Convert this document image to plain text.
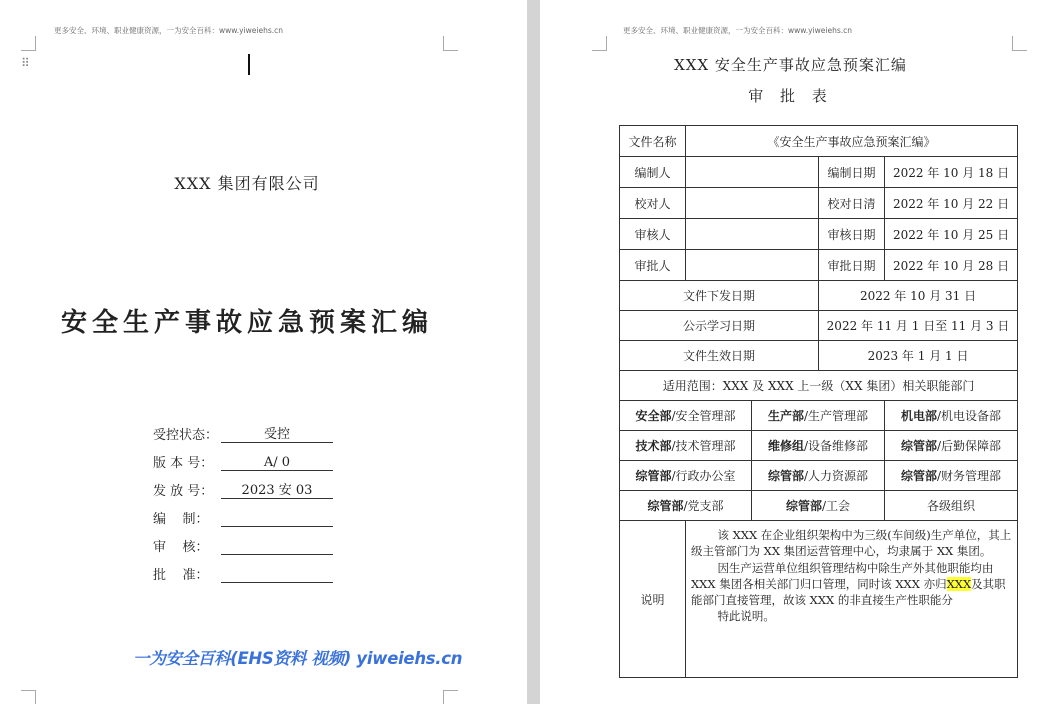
更多安全、环境、职业健康资源，一为安全百科：www.yiweiehs.cn
⠿
XXX 集团有限公司
安全生产事故应急预案汇编
受控状态：	受控
版 本 号：	A/ 0
发 放 号：	2023 安 03
编    制：
审    核：
批    准：
更多安全、环境、职业健康资源，一为安全百科：www.yiweiehs.cn
XXX 安全生产事故应急预案汇编
审 批 表
文件名称	《安全生产事故应急预案汇编》			
编制人			编制日期	2022 年 10 月 18 日
校对人			校对日清	2022 年 10 月 22 日
审核人			审核日期	2022 年 10 月 25 日
审批人			审批日期	2022 年 10 月 28 日
文件下发日期			2022 年 10 月 31 日	
公示学习日期			2022 年 11 月 1 日至 11 月 3 日	
文件生效日期			2023 年 1 月 1 日	
适用范围：XXX 及 XXX 上一级（XX 集团）相关职能部门				
安全部/安全管理部		生产部/生产管理部		机电部/机电设备部
技术部/技术管理部		维修组/设备维修部		综管部/后勤保障部
综管部/行政办公室		综管部/人力资源部		综管部/财务管理部
综管部/党支部		综管部/工会		各级组织
说明	该 XXX 在企业组织架构中为三级(车间级)生产单位，其上级主管部门为 XX 集团运营管理中心，均隶属于 XX 集团。

因生产运营单位组织管理结构中除生产外其他职能均由 XXX 集团各相关部门归口管理，同时该 XXX 亦归XXX及其职能部门直接管理，故该 XXX 的非直接生产性职能分

特此说明。			

一为安全百科(EHS资料 视频) yiweiehs.cn
